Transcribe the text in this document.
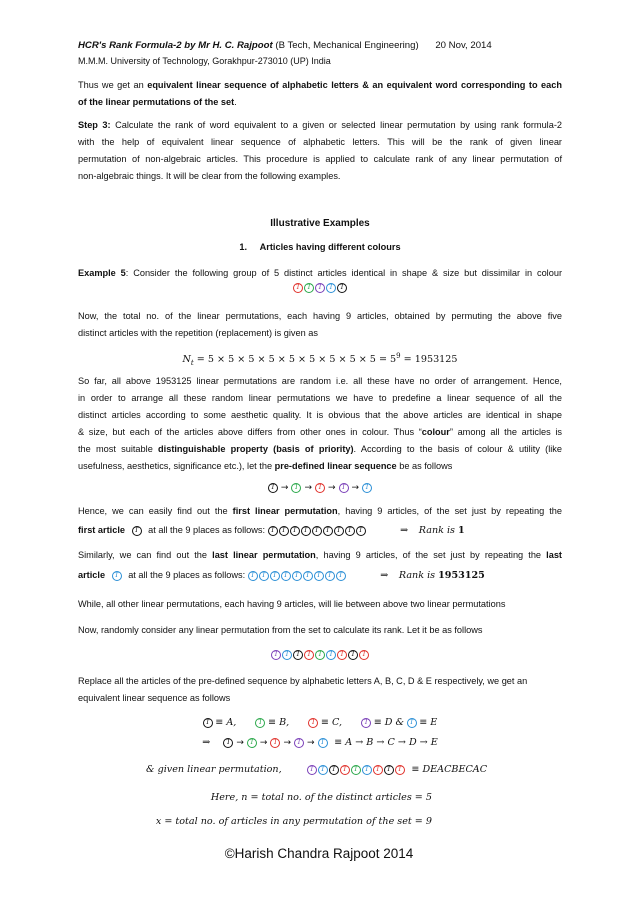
HCR's Rank Formula-2 by Mr H. C. Rajpoot (B Tech, Mechanical Engineering) 20 Nov, 2014
M.M.M. University of Technology, Gorakhpur-273010 (UP) India
Thus we get an equivalent linear sequence of alphabetic letters & an equivalent word corresponding to each
of the linear permutations of the set.
Step 3: Calculate the rank of word equivalent to a given or selected linear permutation by using rank formula-2
with the help of equivalent linear sequence of alphabetic letters. This will be the rank of given linear
permutation of non-algebraic articles. This procedure is applied to calculate rank of any linear permutation of
non-algebraic things. It will be clear from the following examples.
Illustrative Examples
1. Articles having different colours
Example 5: Consider the following group of 5 distinct articles identical in shape & size but dissimilar in colour
T	T	T	T	T
Now, the total no. of the linear permutations, each having 9 articles, obtained by permuting the above five
distinct articles with the repetition (replacement) is given as
$N_t = 5 \times 5 \times 5 \times 5 \times 5 \times 5 \times 5 \times 5 \times 5 = 5^9 = 1953125$
So far, all above 1953125 linear permutations are random i.e. all these have no order of arrangement. Hence,
in order to arrange all these random linear permutations we have to predefine a linear sequence of all the
distinct articles according to some aesthetic quality. It is obvious that the above articles are identical in shape
& size, but each of the articles above differs from other ones in colour. Thus “colour” among all the articles is
the most suitable distinguishable property (basis of priority). According to the basis of colour & utility (like
usefulness, aesthetics, significance etc.), let the pre-defined linear sequence be as follows
T → T → T → T → T
Hence, we can easily find out the first linear permutation, having 9 articles, of the set just by repeating the
first article	T at all the 9 places as follows: T	T	T	T	T	T	T	T	T	⇒ Rank is 1
Similarly, we can find out the last linear permutation, having 9 articles, of the set just by repeating the last
article	T at all the 9 places as follows: T	T	T	T	T	T	T	T	T	⇒ Rank is 1953125
While, all other linear permutations, each having 9 articles, will lie between above two linear permutations
Now, randomly consider any linear permutation from the set to calculate its rank. Let it be as follows
T	T	T	T	T	T	T	T	T
Replace all the articles of the pre-defined sequence by alphabetic letters A, B, C, D & E respectively, we get an
equivalent linear sequence as follows
T ≡ A,	T ≡ B,	T ≡ C,	T ≡ D & T ≡ E
⇒	T → T → T → T → T ≡ A → B → C → D → E
& given linear permutation,	T	T	T	T	T	T	T	T	T ≡ DEACBECAC
Here, n = total no. of the distinct articles = 5
x = total no. of articles in any permutation of the set = 9
©Harish Chandra Rajpoot 2014
